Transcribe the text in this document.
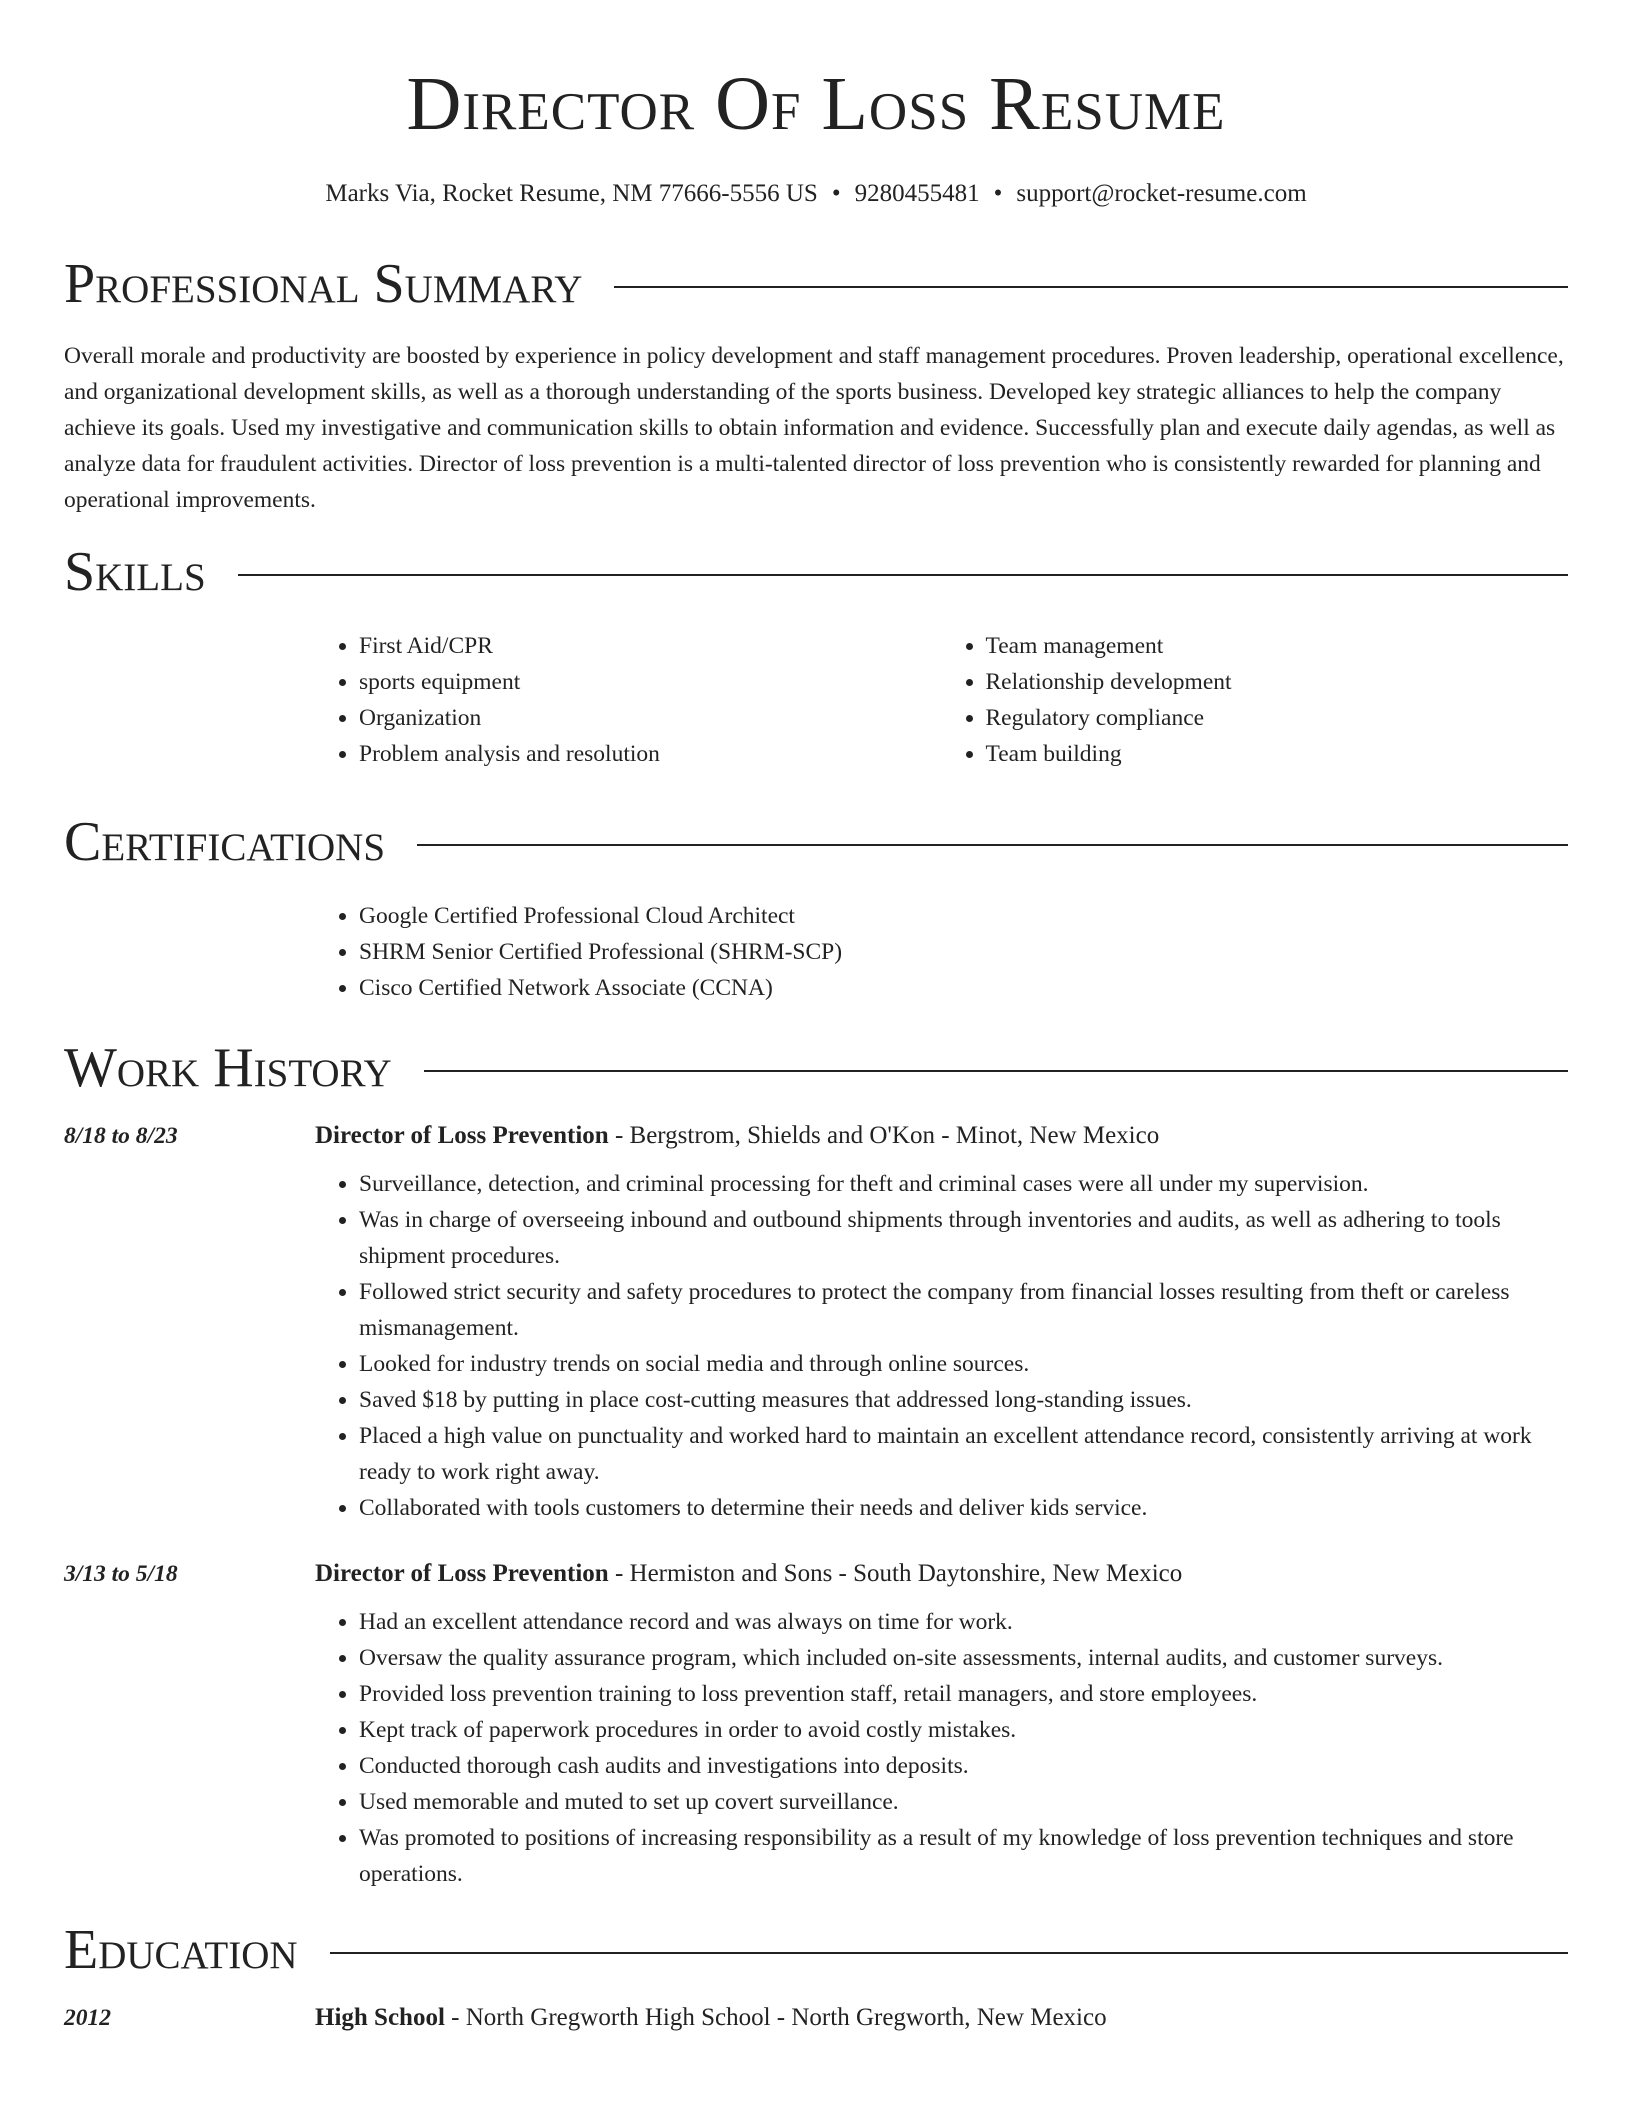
Director Of Loss Resume
Marks Via, Rocket Resume, NM 77666-5556 US • 9280455481 • support@rocket-resume.com
Professional Summary

Overall morale and productivity are boosted by experience in policy development and staff management procedures. Proven leadership, operational excellence, and organizational development skills, as well as a thorough understanding of the sports business. Developed key strategic alliances to help the company achieve its goals. Used my investigative and communication skills to obtain information and evidence. Successfully plan and execute daily agendas, as well as analyze data for fraudulent activities. Director of loss prevention is a multi-talented director of loss prevention who is consistently rewarded for planning and operational improvements.

Skills
• First Aid/CPR
• sports equipment
• Organization
• Problem analysis and resolution
• Team management
• Relationship development
• Regulatory compliance
• Team building
Certifications
• Google Certified Professional Cloud Architect
• SHRM Senior Certified Professional (SHRM-SCP)
• Cisco Certified Network Associate (CCNA)
Work History
8/18 to 8/23	Director of Loss Prevention - Bergstrom, Shields and O'Kon - Minot, New Mexico
• Surveillance, detection, and criminal processing for theft and criminal cases were all under my supervision.
• Was in charge of overseeing inbound and outbound shipments through inventories and audits, as well as adhering to tools shipment procedures.
• Followed strict security and safety procedures to protect the company from financial losses resulting from theft or careless mismanagement.
• Looked for industry trends on social media and through online sources.
• Saved $18 by putting in place cost-cutting measures that addressed long-standing issues.
• Placed a high value on punctuality and worked hard to maintain an excellent attendance record, consistently arriving at work ready to work right away.
• Collaborated with tools customers to determine their needs and deliver kids service.
3/13 to 5/18	Director of Loss Prevention - Hermiston and Sons - South Daytonshire, New Mexico
• Had an excellent attendance record and was always on time for work.
• Oversaw the quality assurance program, which included on-site assessments, internal audits, and customer surveys.
• Provided loss prevention training to loss prevention staff, retail managers, and store employees.
• Kept track of paperwork procedures in order to avoid costly mistakes.
• Conducted thorough cash audits and investigations into deposits.
• Used memorable and muted to set up covert surveillance.
• Was promoted to positions of increasing responsibility as a result of my knowledge of loss prevention techniques and store operations.
Education
2012	High School - North Gregworth High School - North Gregworth, New Mexico
